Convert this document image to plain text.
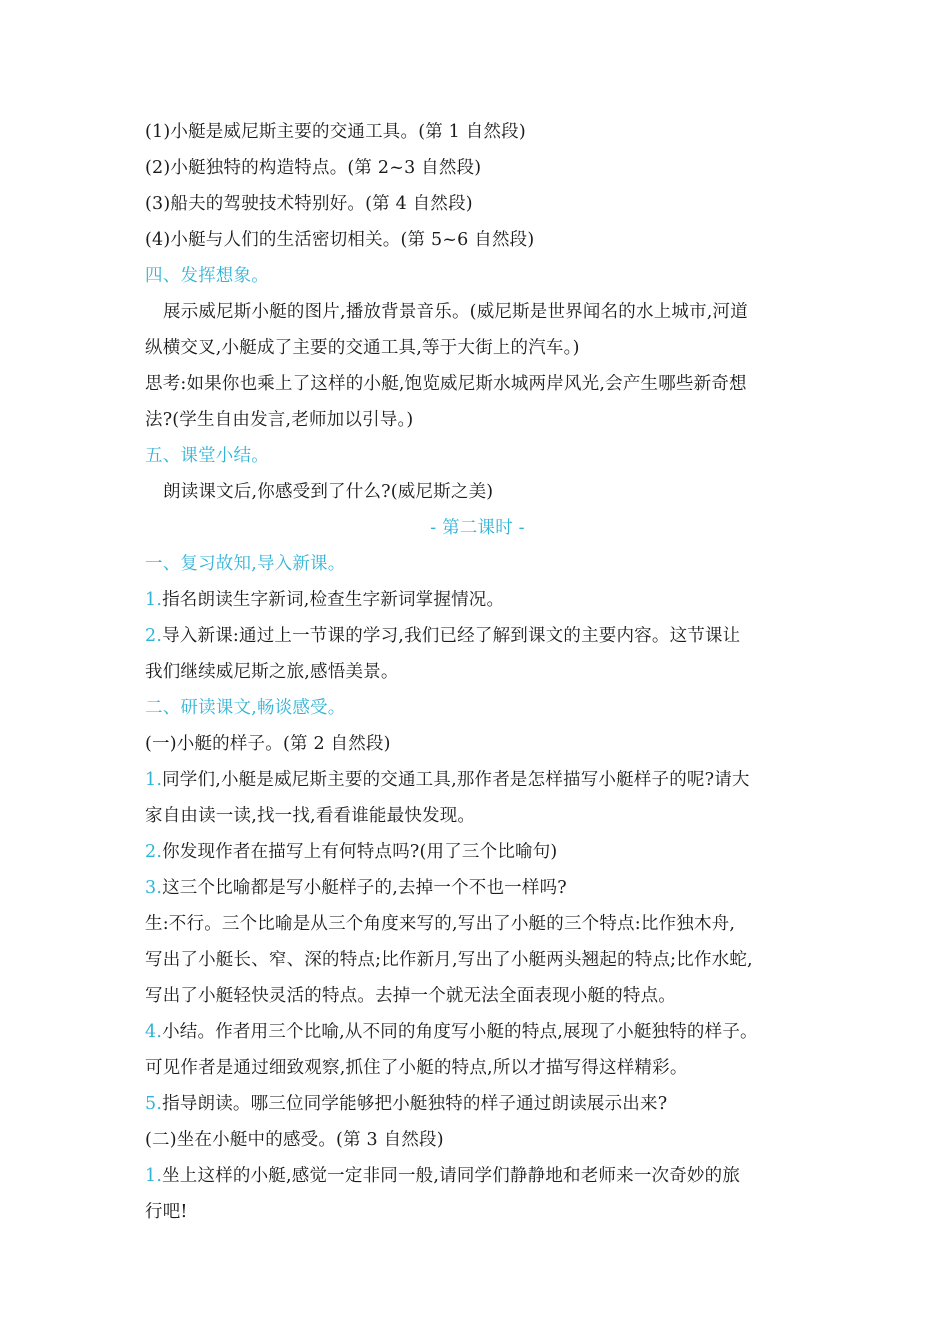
(1)小艇是威尼斯主要的交通工具。(第 1 自然段)
(2)小艇独特的构造特点。(第 2~3 自然段)
(3)船夫的驾驶技术特别好。(第 4 自然段)
(4)小艇与人们的生活密切相关。(第 5~6 自然段)
四、发挥想象。
展示威尼斯小艇的图片,播放背景音乐。(威尼斯是世界闻名的水上城市,河道
纵横交叉,小艇成了主要的交通工具,等于大街上的汽车。)
思考:如果你也乘上了这样的小艇,饱览威尼斯水城两岸风光,会产生哪些新奇想
法?(学生自由发言,老师加以引导。)
五、课堂小结。
朗读课文后,你感受到了什么?(威尼斯之美)
- 第二课时 -
一、复习故知,导入新课。
1.指名朗读生字新词,检查生字新词掌握情况。
2.导入新课:通过上一节课的学习,我们已经了解到课文的主要内容。这节课让
我们继续威尼斯之旅,感悟美景。
二、研读课文,畅谈感受。
(一)小艇的样子。(第 2 自然段)
1.同学们,小艇是威尼斯主要的交通工具,那作者是怎样描写小艇样子的呢?请大
家自由读一读,找一找,看看谁能最快发现。
2.你发现作者在描写上有何特点吗?(用了三个比喻句)
3.这三个比喻都是写小艇样子的,去掉一个不也一样吗?
生:不行。三个比喻是从三个角度来写的,写出了小艇的三个特点:比作独木舟,
写出了小艇长、窄、深的特点;比作新月,写出了小艇两头翘起的特点;比作水蛇,
写出了小艇轻快灵活的特点。去掉一个就无法全面表现小艇的特点。
4.小结。作者用三个比喻,从不同的角度写小艇的特点,展现了小艇独特的样子。
可见作者是通过细致观察,抓住了小艇的特点,所以才描写得这样精彩。
5.指导朗读。哪三位同学能够把小艇独特的样子通过朗读展示出来?
(二)坐在小艇中的感受。(第 3 自然段)
1.坐上这样的小艇,感觉一定非同一般,请同学们静静地和老师来一次奇妙的旅
行吧!
